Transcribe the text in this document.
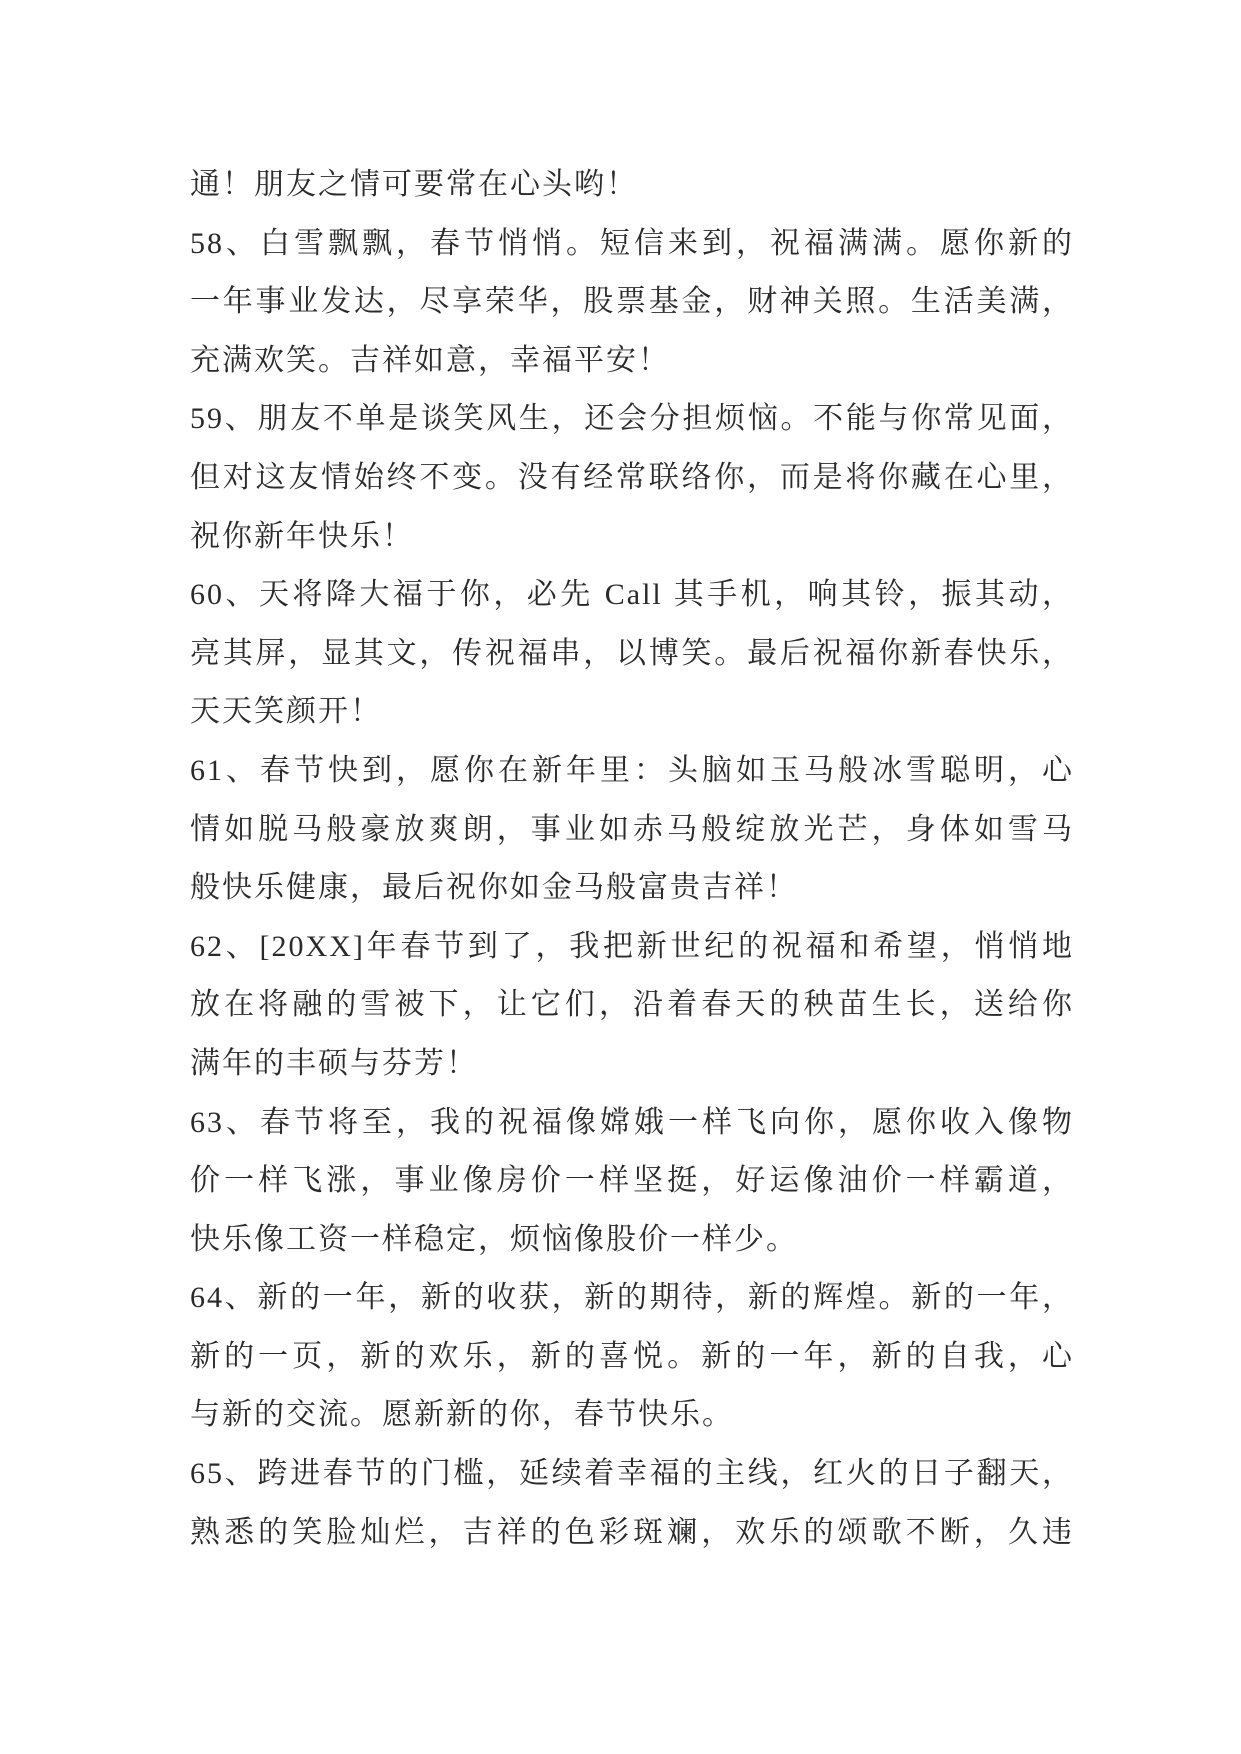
通！朋友之情可要常在心头哟！
58、白雪飘飘，春节悄悄。短信来到，祝福满满。愿你新的
一年事业发达，尽享荣华，股票基金，财神关照。生活美满，
充满欢笑。吉祥如意，幸福平安！
59、朋友不单是谈笑风生，还会分担烦恼。不能与你常见面，
但对这友情始终不变。没有经常联络你，而是将你藏在心里，
祝你新年快乐！
60、天将降大福于你，必先 Call 其手机，响其铃，振其动，
亮其屏，显其文，传祝福串，以博笑。最后祝福你新春快乐，
天天笑颜开！
61、春节快到，愿你在新年里：头脑如玉马般冰雪聪明，心
情如脱马般豪放爽朗，事业如赤马般绽放光芒，身体如雪马
般快乐健康，最后祝你如金马般富贵吉祥！
62、[20XX]年春节到了，我把新世纪的祝福和希望，悄悄地
放在将融的雪被下，让它们，沿着春天的秧苗生长，送给你
满年的丰硕与芬芳！
63、春节将至，我的祝福像嫦娥一样飞向你，愿你收入像物
价一样飞涨，事业像房价一样坚挺，好运像油价一样霸道，
快乐像工资一样稳定，烦恼像股价一样少。
64、新的一年，新的收获，新的期待，新的辉煌。新的一年，
新的一页，新的欢乐，新的喜悦。新的一年，新的自我，心
与新的交流。愿新新的你，春节快乐。
65、跨进春节的门槛，延续着幸福的主线，红火的日子翻天，
熟悉的笑脸灿烂，吉祥的色彩斑斓，欢乐的颂歌不断，久违
